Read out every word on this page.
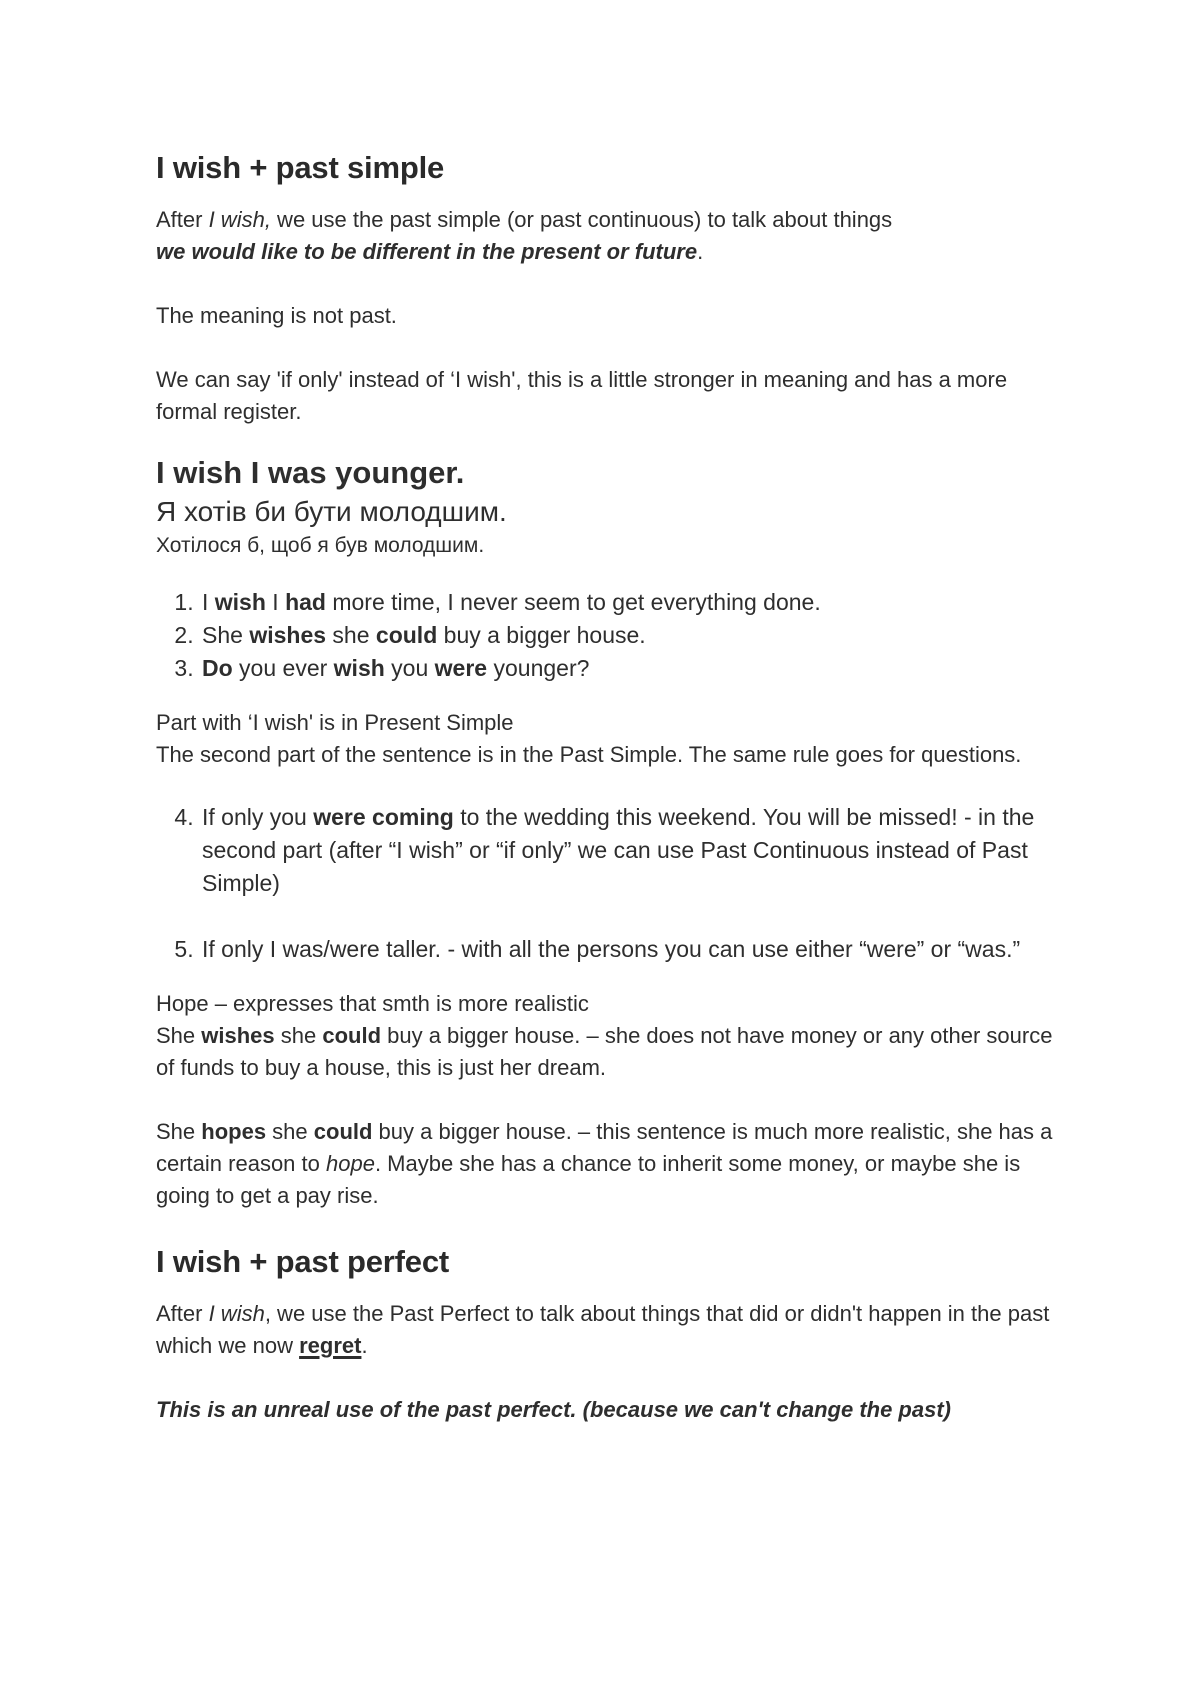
I wish + past simple

After I wish, we use the past simple (or past continuous) to talk about things
we would like to be different in the present or future.

The meaning is not past.

We can say 'if only' instead of ‘I wish', this is a little stronger in meaning and has a more formal register.

I wish I was younger.

Я хотів би бути молодшим.

Хотілося б, щоб я був молодшим.

1. I wish I had more time, I never seem to get everything done.
2. She wishes she could buy a bigger house.
3. Do you ever wish you were younger?

Part with ‘I wish' is in Present Simple

The second part of the sentence is in the Past Simple. The same rule goes for questions.

4. If only you were coming to the wedding this weekend. You will be missed! - in the second part (after “I wish” or “if only” we can use Past Continuous instead of Past Simple)
5. If only I was/were taller. - with all the persons you can use either “were” or “was.”

Hope – expresses that smth is more realistic

She wishes she could buy a bigger house. – she does not have money or any other source of funds to buy a house, this is just her dream.

She hopes she could buy a bigger house. – this sentence is much more realistic, she has a certain reason to hope. Maybe she has a chance to inherit some money, or maybe she is going to get a pay rise.

I wish + past perfect

After I wish, we use the Past Perfect to talk about things that did or didn't happen in the past which we now regret.

This is an unreal use of the past perfect. (because we can't change the past)
